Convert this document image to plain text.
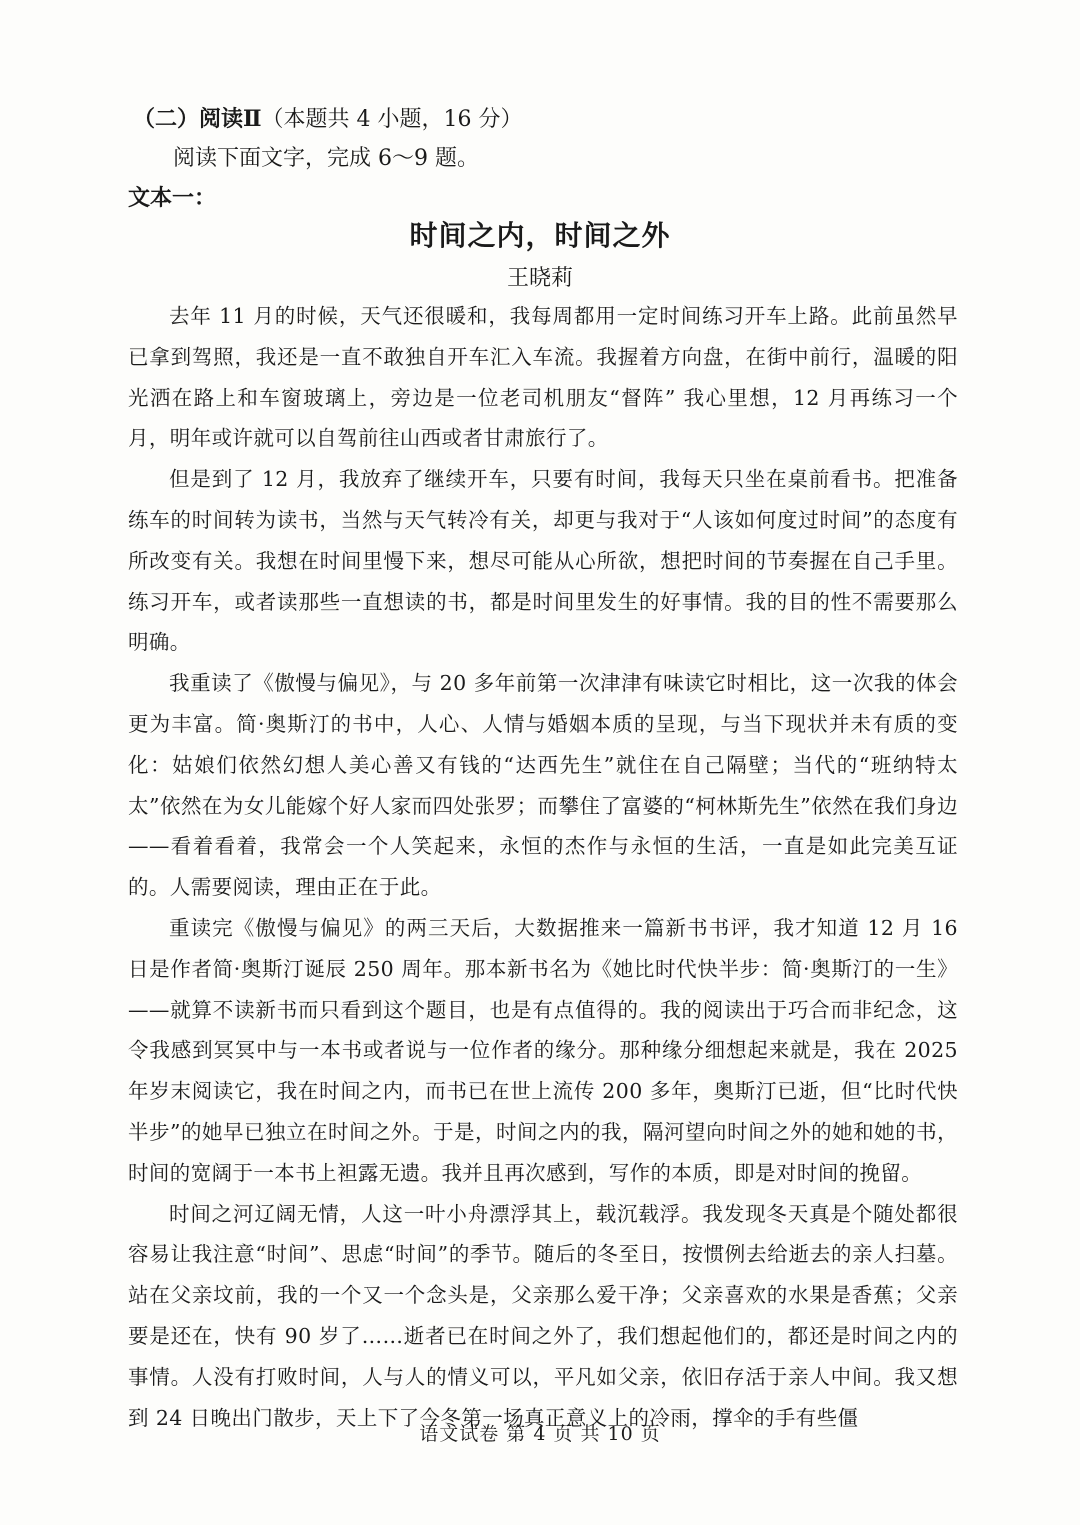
（二）阅读Ⅱ（本题共 4 小题，16 分）
阅读下面文字，完成 6～9 题。
文本一：
时间之内，时间之外
王晓莉

去年 11 月的时候，天气还很暖和，我每周都用一定时间练习开车上路。此前虽然早已拿到驾照，我还是一直不敢独自开车汇入车流。我握着方向盘，在街中前行，温暖的阳光洒在路上和车窗玻璃上，旁边是一位老司机朋友“督阵” 我心里想，12 月再练习一个月，明年或许就可以自驾前往山西或者甘肃旅行了。

但是到了 12 月，我放弃了继续开车，只要有时间，我每天只坐在桌前看书。把准备练车的时间转为读书，当然与天气转冷有关，却更与我对于“人该如何度过时间”的态度有所改变有关。我想在时间里慢下来，想尽可能从心所欲，想把时间的节奏握在自己手里。练习开车，或者读那些一直想读的书，都是时间里发生的好事情。我的目的性不需要那么明确。

我重读了《傲慢与偏见》，与 20 多年前第一次津津有味读它时相比，这一次我的体会更为丰富。简·奥斯汀的书中，人心、人情与婚姻本质的呈现，与当下现状并未有质的变化：姑娘们依然幻想人美心善又有钱的“达西先生”就住在自己隔壁；当代的“班纳特太太”依然在为女儿能嫁个好人家而四处张罗；而攀住了富婆的“柯林斯先生”依然在我们身边——看着看着，我常会一个人笑起来，永恒的杰作与永恒的生活，一直是如此完美互证的。人需要阅读，理由正在于此。

重读完《傲慢与偏见》的两三天后，大数据推来一篇新书书评，我才知道 12 月 16 日是作者简·奥斯汀诞辰 250 周年。那本新书名为《她比时代快半步：简·奥斯汀的一生》——就算不读新书而只看到这个题目，也是有点值得的。我的阅读出于巧合而非纪念，这令我感到冥冥中与一本书或者说与一位作者的缘分。那种缘分细想起来就是，我在 2025 年岁末阅读它，我在时间之内，而书已在世上流传 200 多年，奥斯汀已逝，但“比时代快半步”的她早已独立在时间之外。于是，时间之内的我，隔河望向时间之外的她和她的书，时间的宽阔于一本书上袒露无遗。我并且再次感到，写作的本质，即是对时间的挽留。

时间之河辽阔无情，人这一叶小舟漂浮其上，载沉载浮。我发现冬天真是个随处都很容易让我注意“时间”、思虑“时间”的季节。随后的冬至日，按惯例去给逝去的亲人扫墓。站在父亲坟前，我的一个又一个念头是，父亲那么爱干净；父亲喜欢的水果是香蕉；父亲要是还在，快有 90 岁了……逝者已在时间之外了，我们想起他们的，都还是时间之内的事情。人没有打败时间，人与人的情义可以，平凡如父亲，依旧存活于亲人中间。我又想到 24 日晚出门散步，天上下了今冬第一场真正意义上的冷雨，撑伞的手有些僵

语文试卷 第 4 页 共 10 页
